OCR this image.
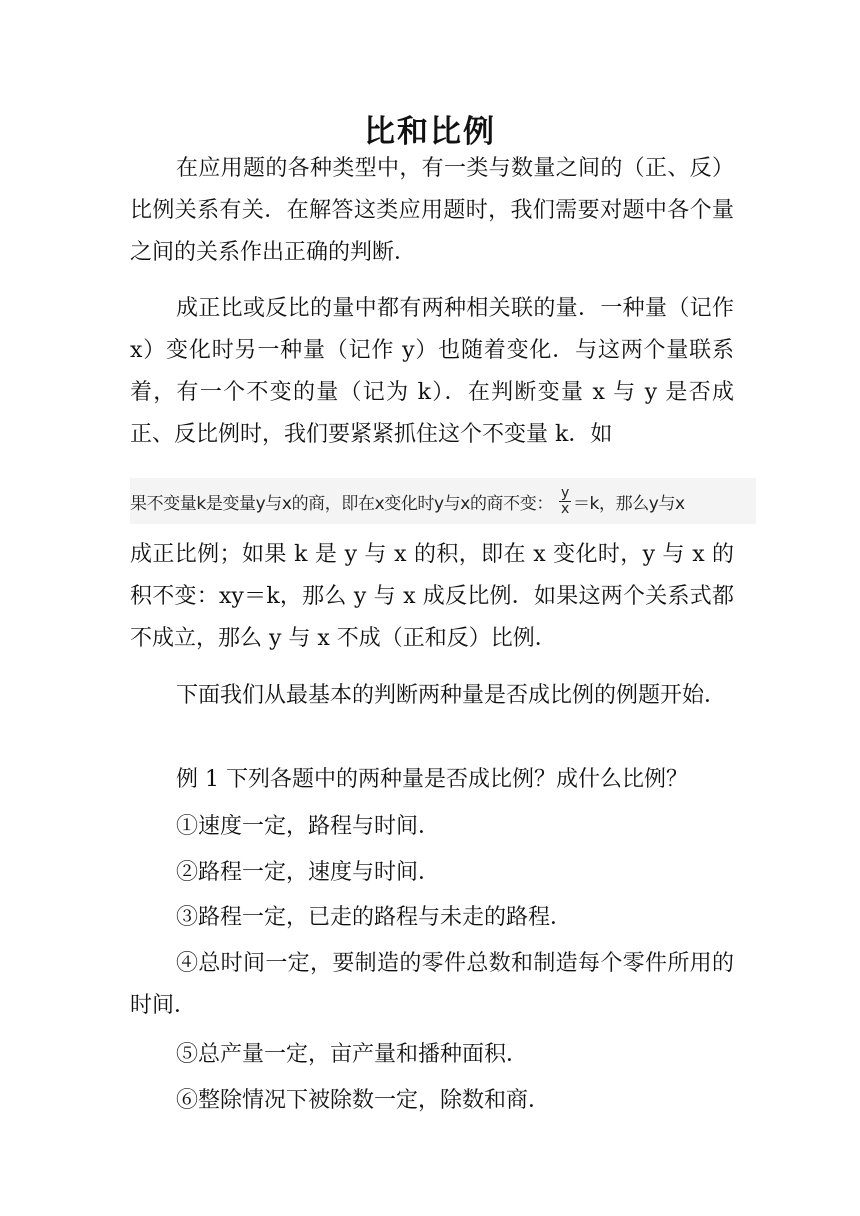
比和比例
在应用题的各种类型中，有一类与数量之间的（正、反）比例关系有关．在解答这类应用题时，我们需要对题中各个量之间的关系作出正确的判断．
成正比或反比的量中都有两种相关联的量．一种量（记作 x）变化时另一种量（记作 y）也随着变化．与这两个量联系着，有一个不变的量（记为 k）．在判断变量 x 与 y 是否成正、反比例时，我们要紧紧抓住这个不变量 k．如
果不变量k是变量y与x的商，即在x变化时y与x的商不变： $\frac{y}{x} =k$，那么y与x
成正比例；如果 k 是 y 与 x 的积，即在 x 变化时，y 与 x 的积不变：xy＝k，那么 y 与 x 成反比例．如果这两个关系式都不成立，那么 y 与 x 不成（正和反）比例．
下面我们从最基本的判断两种量是否成比例的例题开始．
例 1 下列各题中的两种量是否成比例？成什么比例？
①速度一定，路程与时间．
②路程一定，速度与时间．
③路程一定，已走的路程与未走的路程．
④总时间一定，要制造的零件总数和制造每个零件所用的时间．
⑤总产量一定，亩产量和播种面积．
⑥整除情况下被除数一定，除数和商．
